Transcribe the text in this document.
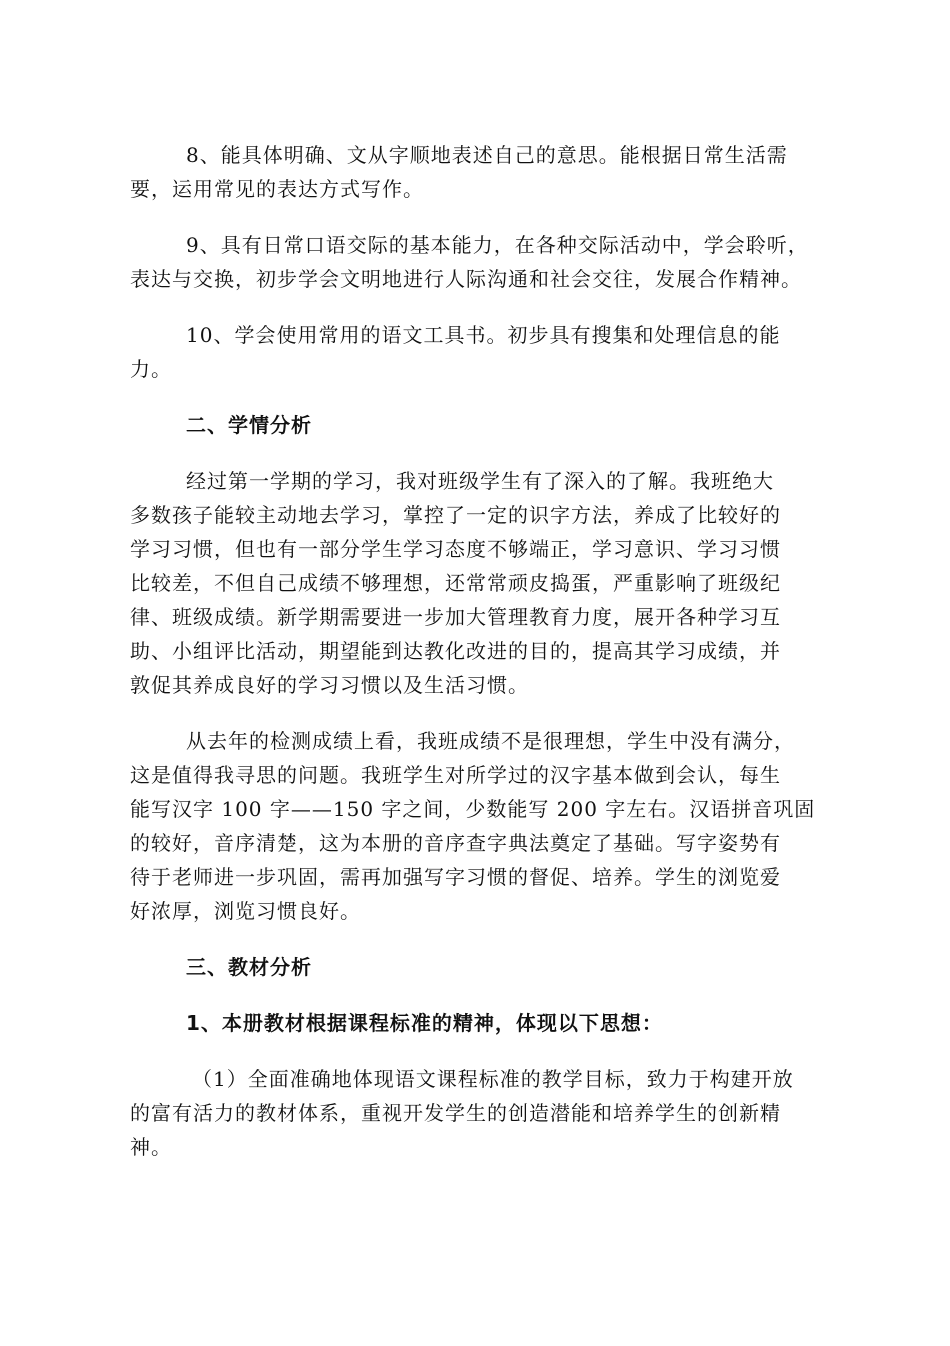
8、能具体明确、文从字顺地表述自己的意思。能根据日常生活需
要，运用常见的表达方式写作。

9、具有日常口语交际的基本能力，在各种交际活动中，学会聆听，
表达与交换，初步学会文明地进行人际沟通和社会交往，发展合作精神。

10、学会使用常用的语文工具书。初步具有搜集和处理信息的能
力。

二、学情分析

经过第一学期的学习，我对班级学生有了深入的了解。我班绝大
多数孩子能较主动地去学习，掌控了一定的识字方法，养成了比较好的
学习习惯，但也有一部分学生学习态度不够端正，学习意识、学习习惯
比较差，不但自己成绩不够理想，还常常顽皮捣蛋，严重影响了班级纪
律、班级成绩。新学期需要进一步加大管理教育力度，展开各种学习互
助、小组评比活动，期望能到达教化改进的目的，提高其学习成绩，并
敦促其养成良好的学习习惯以及生活习惯。

从去年的检测成绩上看，我班成绩不是很理想，学生中没有满分，
这是值得我寻思的问题。我班学生对所学过的汉字基本做到会认，每生
能写汉字 100 字——150 字之间，少数能写 200 字左右。汉语拼音巩固
的较好，音序清楚，这为本册的音序查字典法奠定了基础。写字姿势有
待于老师进一步巩固，需再加强写字习惯的督促、培养。学生的浏览爱
好浓厚，浏览习惯良好。

三、教材分析
1、本册教材根据课程标准的精神，体现以下思想：

（1）全面准确地体现语文课程标准的教学目标，致力于构建开放
的富有活力的教材体系，重视开发学生的创造潜能和培养学生的创新精
神。
